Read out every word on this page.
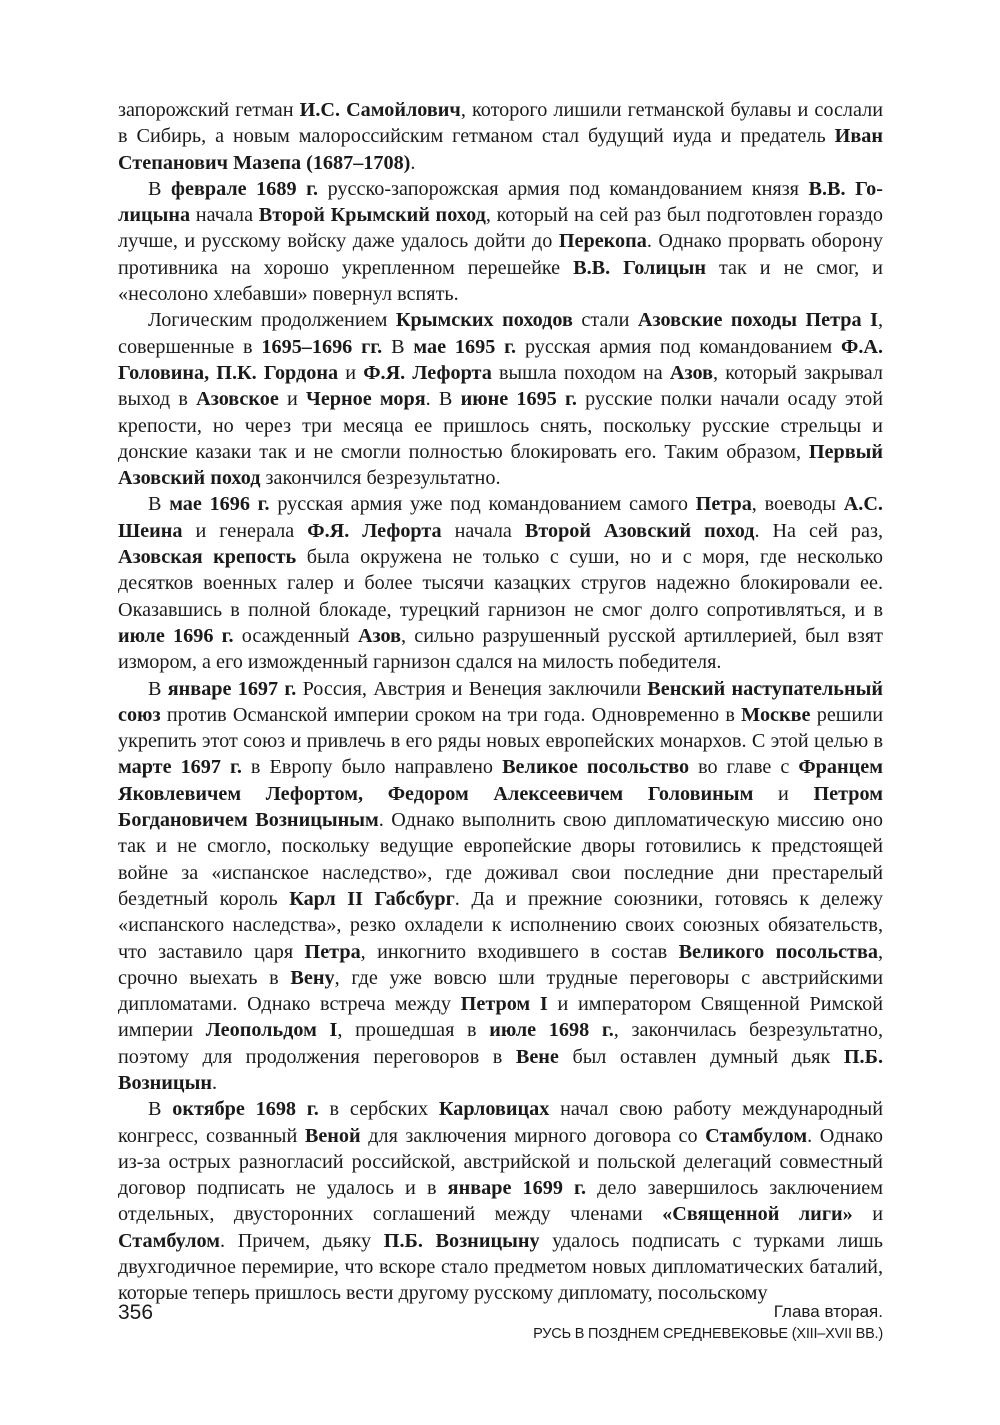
запорожский гетман И.С. Самойлович, которого лишили гетманской булавы и сослали в Сибирь, а новым малороссийским гетманом стал будущий иуда и предатель Иван Степанович Мазепа (1687–1708).

В феврале 1689 г. русско-запорожская армия под командованием князя В.В. Голицына начала Второй Крымский поход, который на сей раз был подготовлен гораздо лучше, и русскому войску даже удалось дойти до Перекопа. Однако прорвать оборону противника на хорошо укрепленном перешейке В.В. Голицын так и не смог, и «несолоно хлебавши» повернул вспять.

Логическим продолжением Крымских походов стали Азовские походы Петра I, совершенные в 1695–1696 гг. В мае 1695 г. русская армия под командованием Ф.А. Головина, П.К. Гордона и Ф.Я. Лефорта вышла походом на Азов, который закрывал выход в Азовское и Черное моря. В июне 1695 г. русские полки начали осаду этой крепости, но через три месяца ее пришлось снять, поскольку русские стрельцы и донские казаки так и не смогли полностью блокировать его. Таким образом, Первый Азовский поход закончился безрезультатно.

В мае 1696 г. русская армия уже под командованием самого Петра, воеводы А.С. Шеина и генерала Ф.Я. Лефорта начала Второй Азовский поход. На сей раз, Азовская крепость была окружена не только с суши, но и с моря, где несколько десятков военных галер и более тысячи казацких стругов надежно блокировали ее. Оказавшись в полной блокаде, турецкий гарнизон не смог долго сопротивляться, и в июле 1696 г. осажденный Азов, сильно разрушенный русской артиллерией, был взят измором, а его изможденный гарнизон сдался на милость победителя.

В январе 1697 г. Россия, Австрия и Венеция заключили Венский наступательный союз против Османской империи сроком на три года. Одновременно в Москве решили укрепить этот союз и привлечь в его ряды новых европейских монархов. С этой целью в марте 1697 г. в Европу было направлено Великое посольство во главе с Францем Яковлевичем Лефортом, Федором Алексеевичем Головиным и Петром Богдановичем Возницыным. Однако выполнить свою дипломатическую миссию оно так и не смогло, поскольку ведущие европейские дворы готовились к предстоящей войне за «испанское наследство», где доживал свои последние дни престарелый бездетный король Карл II Габсбург. Да и прежние союзники, готовясь к дележу «испанского наследства», резко охладели к исполнению своих союзных обязательств, что заставило царя Петра, инкогнито входившего в состав Великого посольства, срочно выехать в Вену, где уже вовсю шли трудные переговоры с австрийскими дипломатами. Однако встреча между Петром I и императором Священной Римской империи Леопольдом I, прошедшая в июле 1698 г., закончилась безрезультатно, поэтому для продолжения переговоров в Вене был оставлен думный дьяк П.Б. Возницын.

В октябре 1698 г. в сербских Карловицах начал свою работу международный конгресс, созванный Веной для заключения мирного договора со Стамбулом. Однако из-за острых разногласий российской, австрийской и польской делегаций совместный договор подписать не удалось и в январе 1699 г. дело завершилось заключением отдельных, двусторонних соглашений между членами «Священной лиги» и Стамбулом. Причем, дьяку П.Б. Возницыну удалось подписать с турками лишь двухгодичное перемирие, что вскоре стало предметом новых дипломатических баталий, которые теперь пришлось вести другому русскому дипломату, посольскому

356	Глава вторая.
РУСЬ В ПОЗДНЕМ СРЕДНЕВЕКОВЬЕ (XIII–XVII ВВ.)
